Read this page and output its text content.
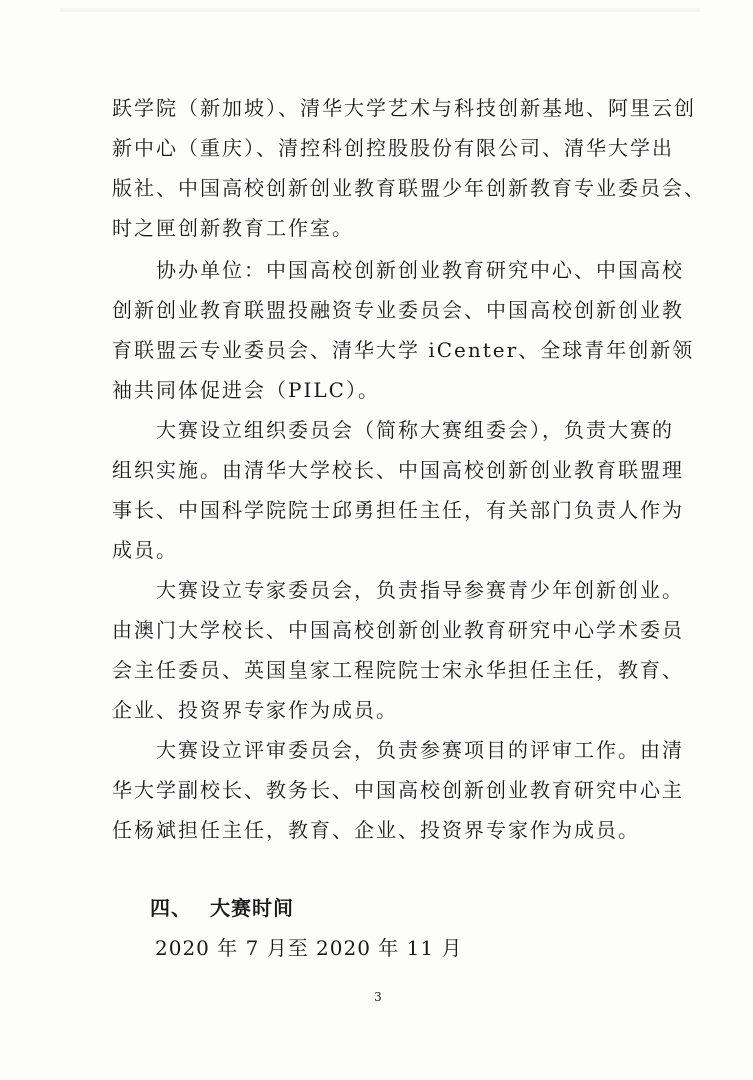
跃学院（新加坡）、清华大学艺术与科技创新基地、阿里云创
新中心（重庆）、清控科创控股股份有限公司、清华大学出
版社、中国高校创新创业教育联盟少年创新教育专业委员会、
时之匣创新教育工作室。
　　协办单位：中国高校创新创业教育研究中心、中国高校
创新创业教育联盟投融资专业委员会、中国高校创新创业教
育联盟云专业委员会、清华大学 iCenter、全球青年创新领
袖共同体促进会（PILC）。
　　大赛设立组织委员会（简称大赛组委会），负责大赛的
组织实施。由清华大学校长、中国高校创新创业教育联盟理
事长、中国科学院院士邱勇担任主任，有关部门负责人作为
成员。
　　大赛设立专家委员会，负责指导参赛青少年创新创业。
由澳门大学校长、中国高校创新创业教育研究中心学术委员
会主任委员、英国皇家工程院院士宋永华担任主任，教育、
企业、投资界专家作为成员。
　　大赛设立评审委员会，负责参赛项目的评审工作。由清
华大学副校长、教务长、中国高校创新创业教育研究中心主
任杨斌担任主任，教育、企业、投资界专家作为成员。
四、 大赛时间
2020 年 7 月至 2020 年 11 月
3
